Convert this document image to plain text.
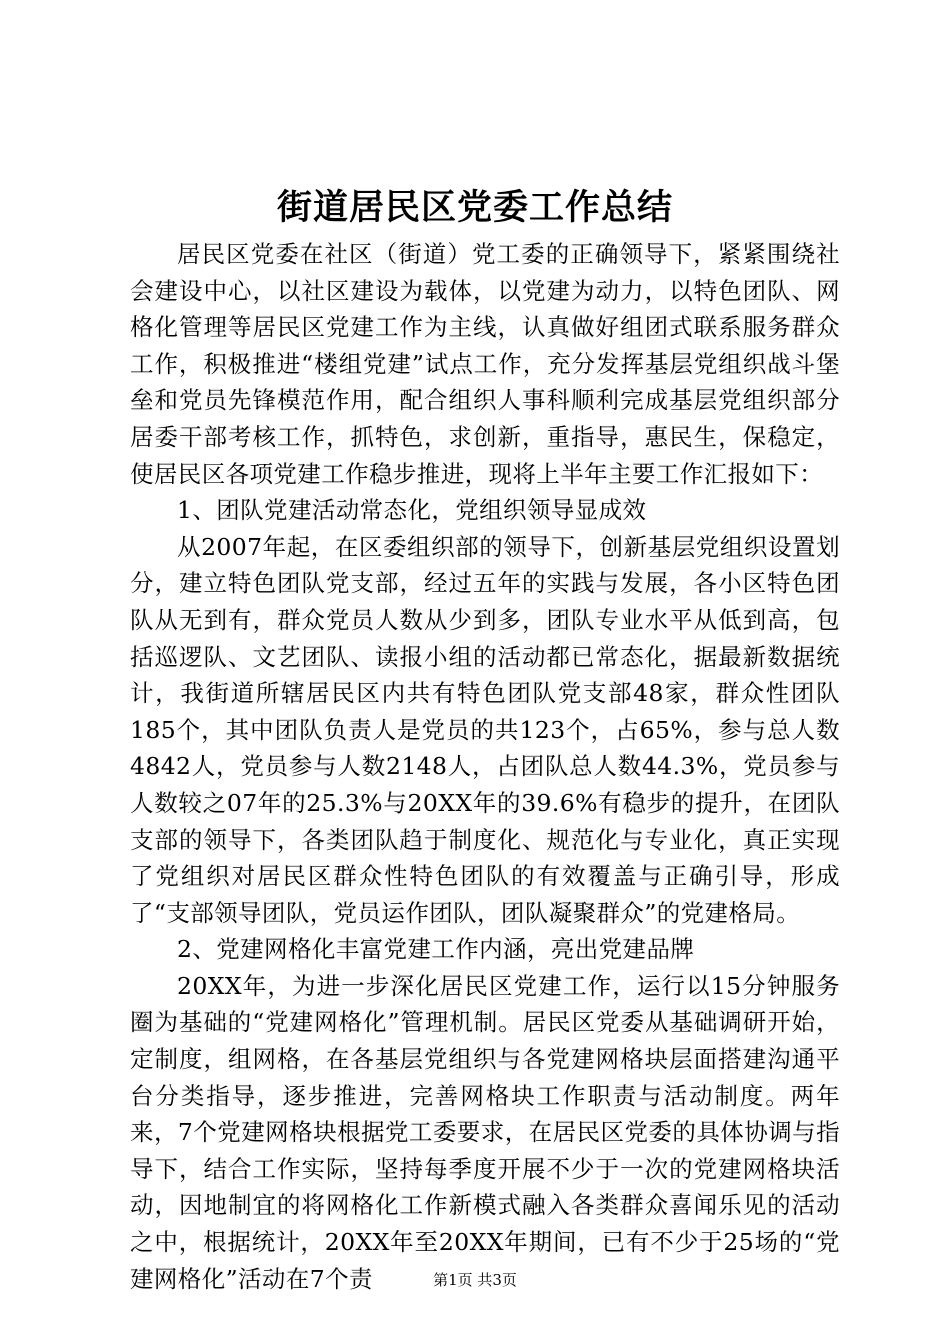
街道居民区党委工作总结

居民区党委在社区（街道）党工委的正确领导下，紧紧围绕社会建设中心，以社区建设为载体，以党建为动力，以特色团队、网格化管理等居民区党建工作为主线，认真做好组团式联系服务群众工作，积极推进“楼组党建”试点工作，充分发挥基层党组织战斗堡垒和党员先锋模范作用，配合组织人事科顺利完成基层党组织部分居委干部考核工作，抓特色，求创新，重指导，惠民生，保稳定，使居民区各项党建工作稳步推进，现将上半年主要工作汇报如下：

1、团队党建活动常态化，党组织领导显成效

从2007年起，在区委组织部的领导下，创新基层党组织设置划分，建立特色团队党支部，经过五年的实践与发展，各小区特色团队从无到有，群众党员人数从少到多，团队专业水平从低到高，包括巡逻队、文艺团队、读报小组的活动都已常态化，据最新数据统计，我街道所辖居民区内共有特色团队党支部48家，群众性团队185个，其中团队负责人是党员的共123个，占65%，参与总人数4842人，党员参与人数2148人，占团队总人数44.3%，党员参与人数较之07年的25.3%与20XX年的39.6%有稳步的提升，在团队支部的领导下，各类团队趋于制度化、规范化与专业化，真正实现了党组织对居民区群众性特色团队的有效覆盖与正确引导，形成了“支部领导团队，党员运作团队，团队凝聚群众”的党建格局。

2、党建网格化丰富党建工作内涵，亮出党建品牌

20XX年，为进一步深化居民区党建工作，运行以15分钟服务圈为基础的“党建网格化”管理机制。居民区党委从基础调研开始，定制度，组网格，在各基层党组织与各党建网格块层面搭建沟通平台分类指导，逐步推进，完善网格块工作职责与活动制度。两年来，7个党建网格块根据党工委要求，在居民区党委的具体协调与指导下，结合工作实际，坚持每季度开展不少于一次的党建网格块活动，因地制宜的将网格化工作新模式融入各类群众喜闻乐见的活动之中，根据统计，20XX年至20XX年期间，已有不少于25场的“党建网格化”活动在7个责	第1页 共3页
